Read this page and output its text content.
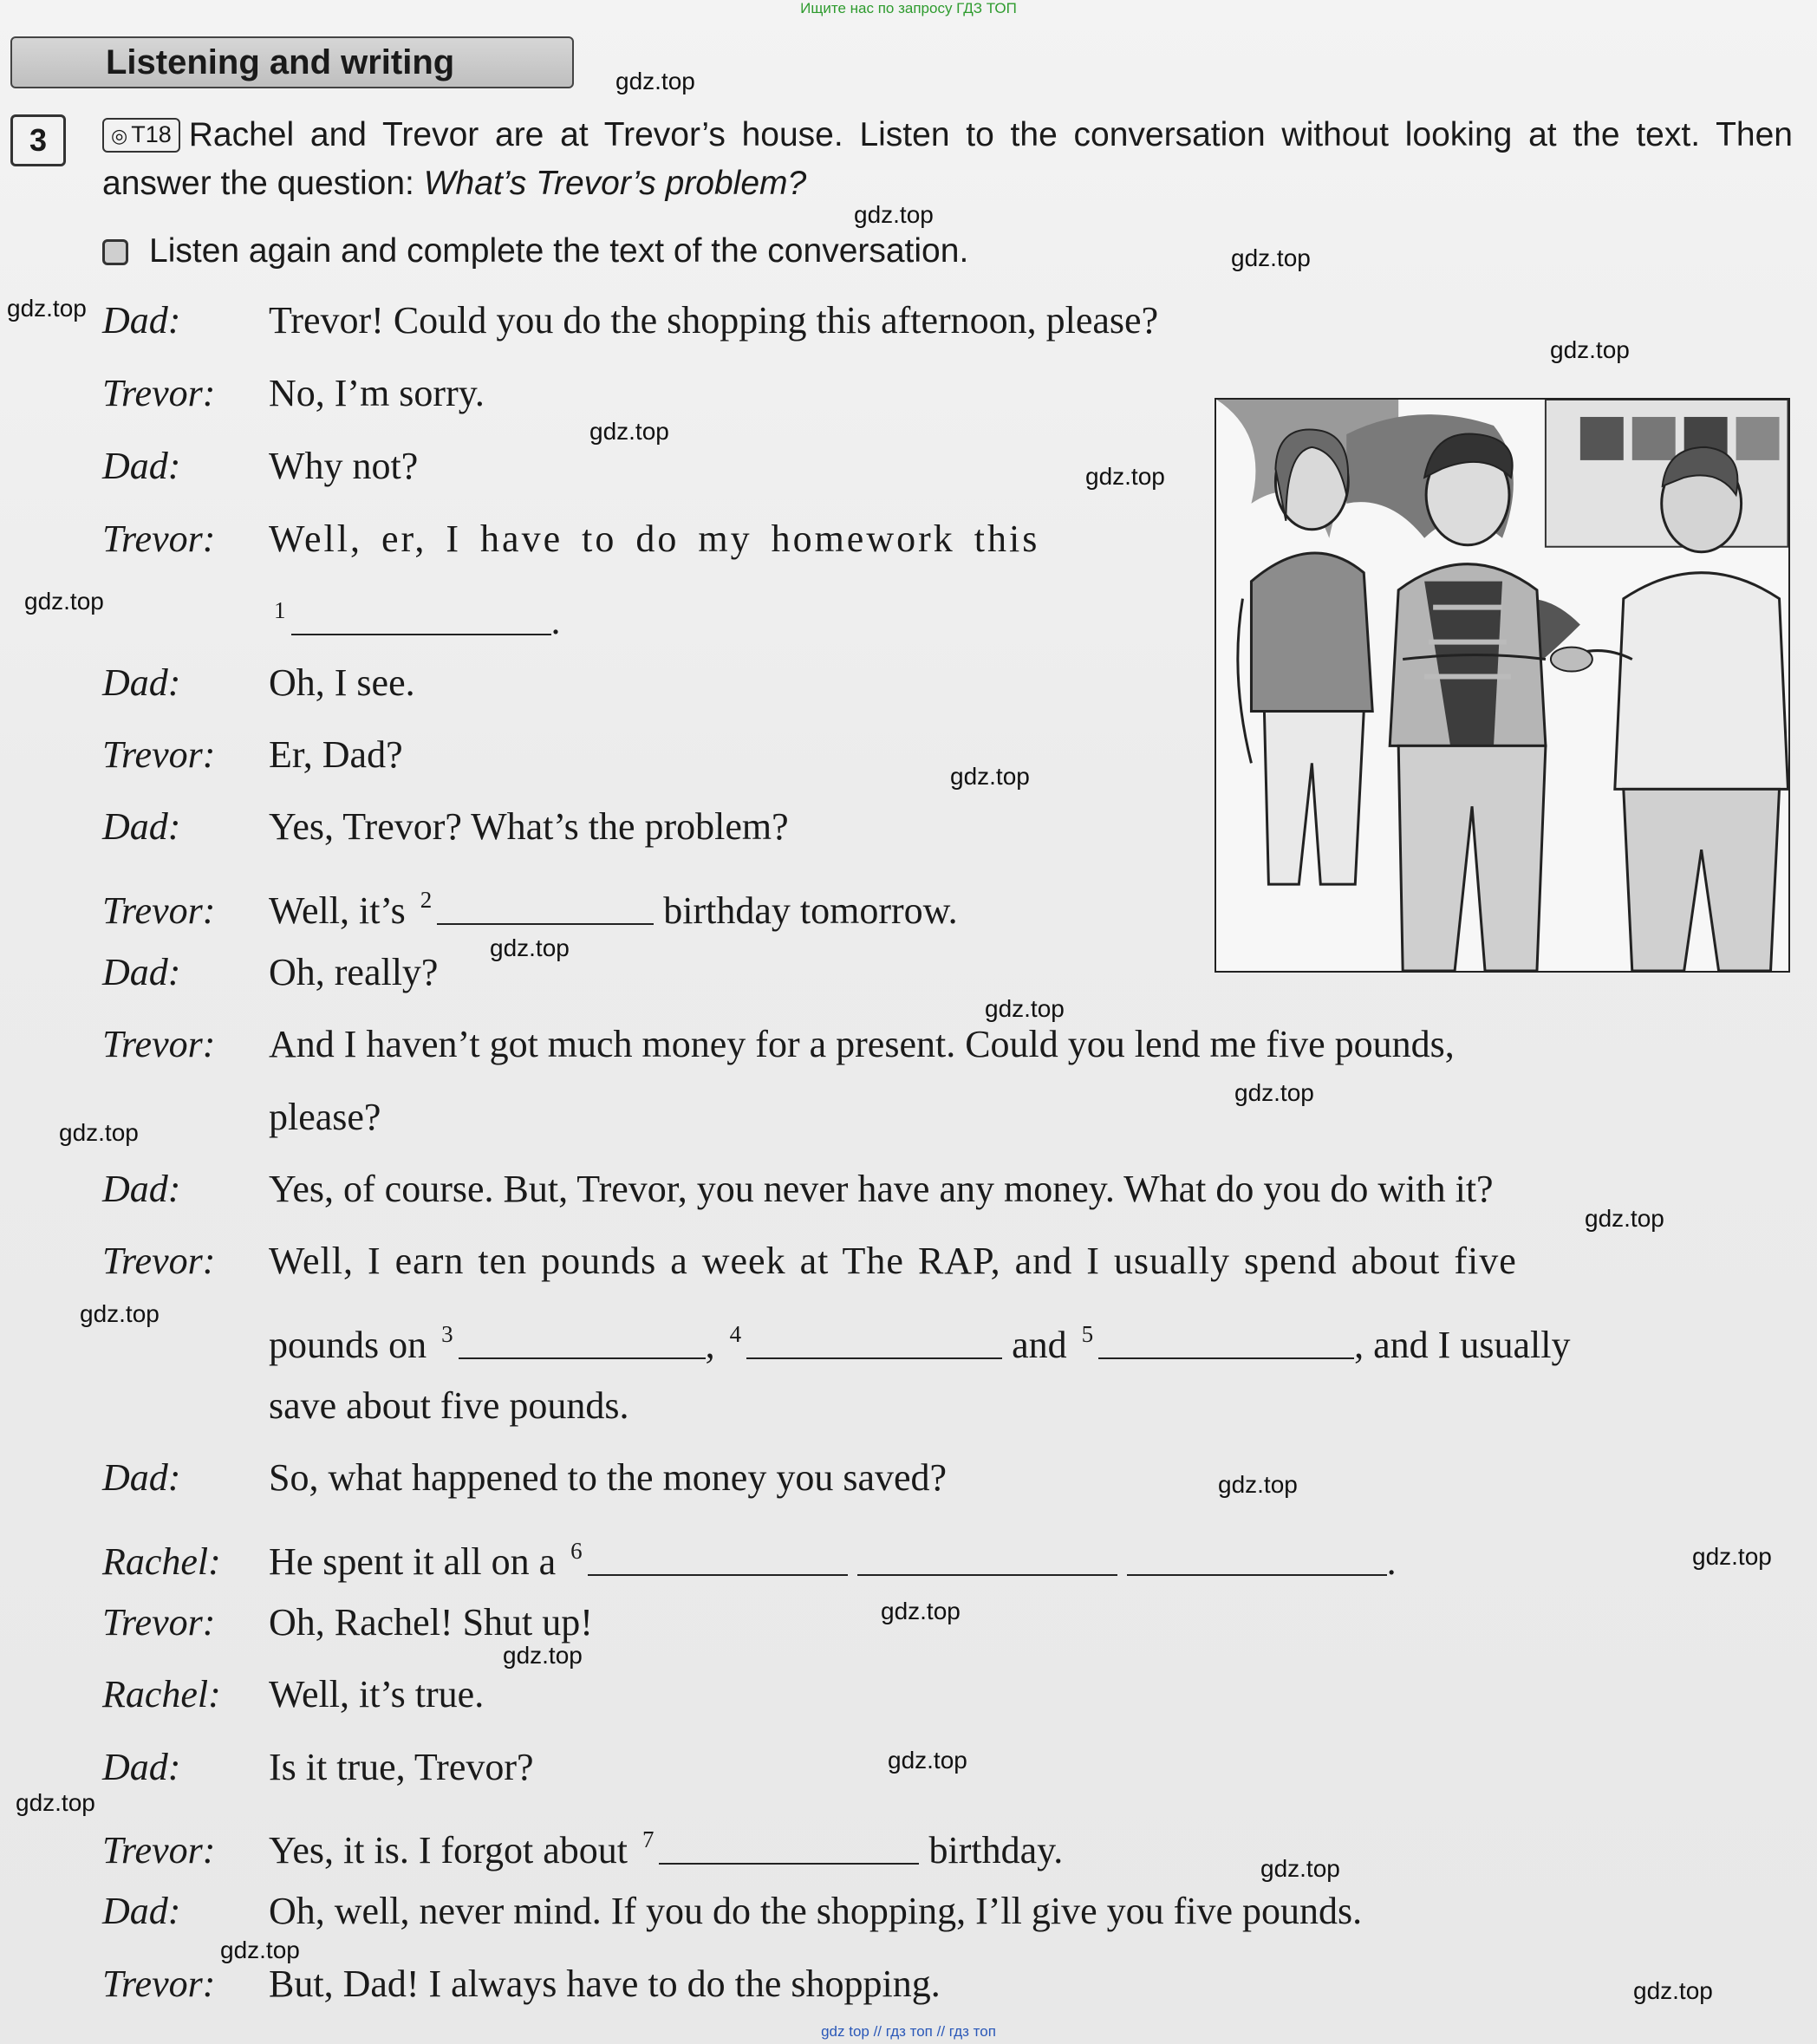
Ищите нас по запросу ГДЗ ТОП
Listening and writing
3	◎ T18 Rachel and Trevor are at Trevor’s house. Listen to the conversation without looking at the text. Then answer the question: What’s Trevor’s problem?
Listen again and complete the text of the conversation.
Dad: Trevor! Could you do the shopping this afternoon, please?
Trevor: No, I’m sorry.
Dad: Why not?
Trevor: Well, er, I have to do my homework this
$^1$	.
Dad: Oh, I see.
Trevor: Er, Dad?
Dad: Yes, Trevor? What’s the problem?
Trevor: Well, it’s $^2$	birthday tomorrow.
Dad: Oh, really?
Trevor: And I haven’t got much money for a present. Could you lend me five pounds,
please?
Dad: Yes, of course. But, Trevor, you never have any money. What do you do with it?
Trevor: Well, I earn ten pounds a week at The RAP, and I usually spend about five
pounds on $^3$	, $^4$	and $^5$	, and I usually
save about five pounds.
Dad: So, what happened to the money you saved?
Rachel: He spent it all on a $^6$	.
Trevor: Oh, Rachel! Shut up!
Rachel: Well, it’s true.
Dad: Is it true, Trevor?
Trevor: Yes, it is. I forgot about $^7$	birthday.
Dad: Oh, well, never mind. If you do the shopping, I’ll give you five pounds.
Trevor: But, Dad! I always have to do the shopping.
gdz.top
gdz.top
gdz.top
gdz.top
gdz.top
gdz.top
gdz.top
gdz.top
gdz.top
gdz.top
gdz.top
gdz.top
gdz.top
gdz.top
gdz.top
gdz.top
gdz.top
gdz.top
gdz.top
gdz.top
gdz.top
gdz.top
gdz.top
gdz.top
gdz top // гдз топ // гдз топ
